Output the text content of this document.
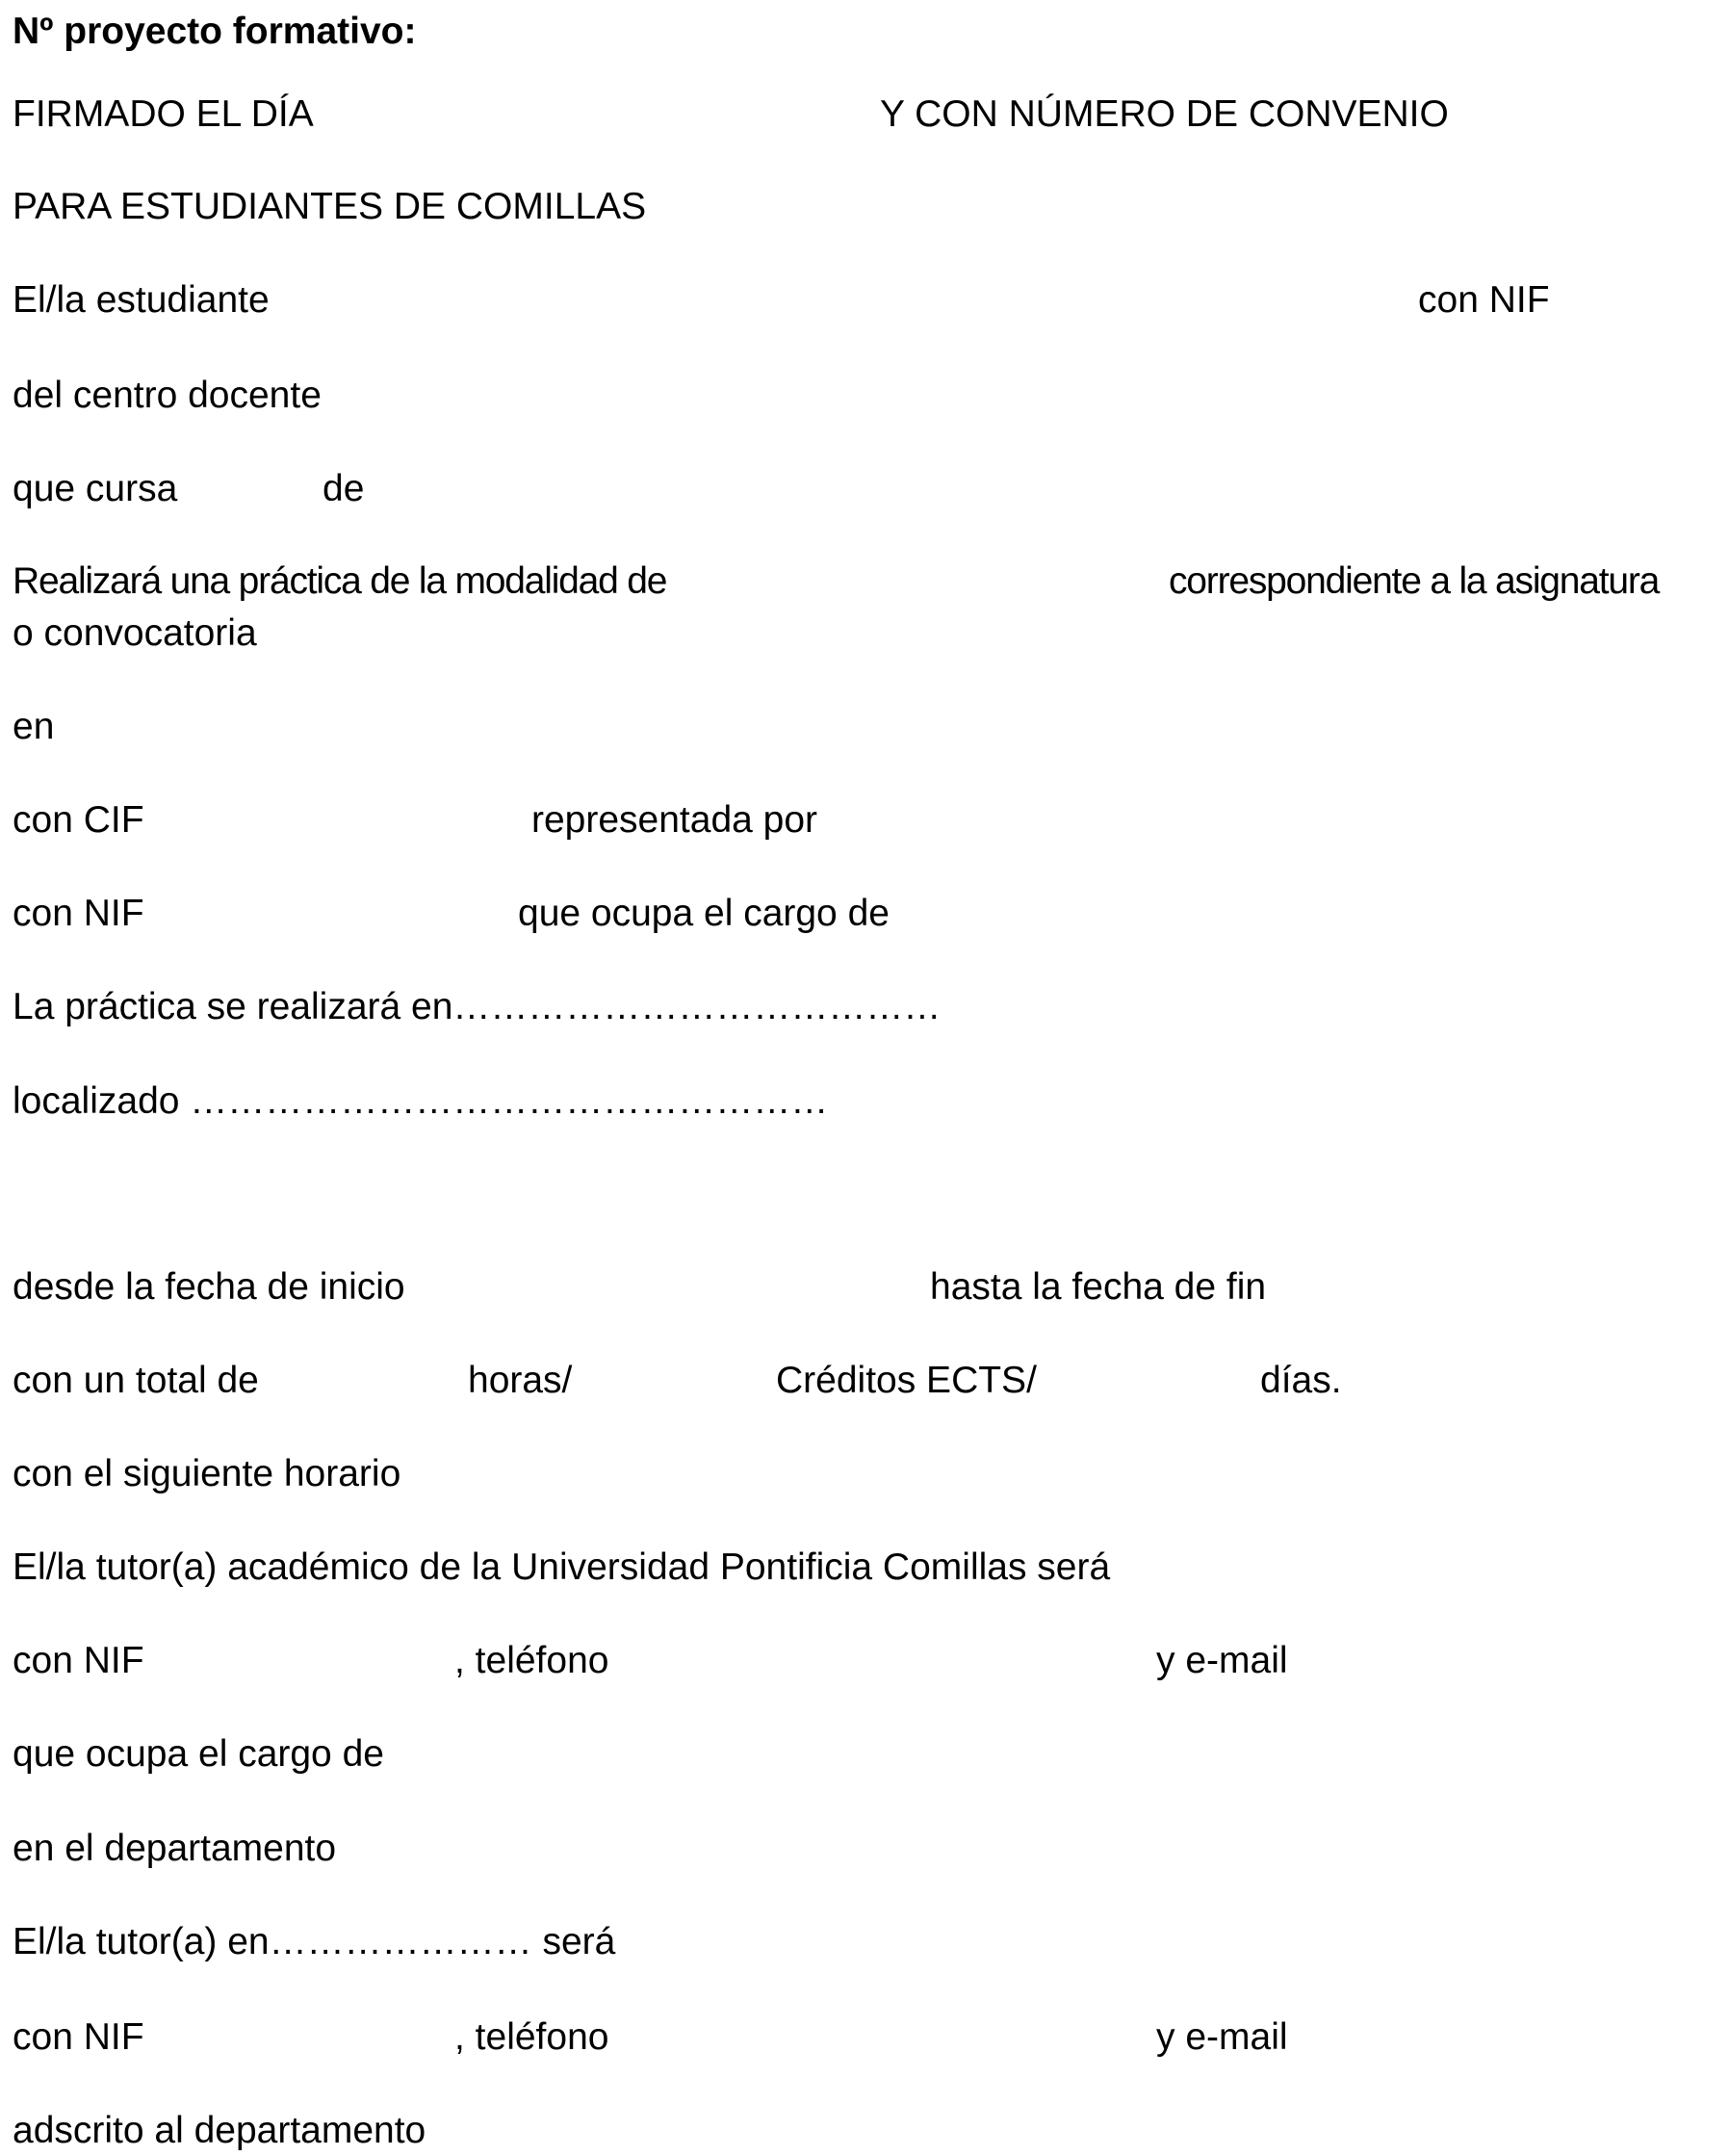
Nº proyecto formativo:
FIRMADO EL DÍA	Y CON NÚMERO DE CONVENIO
PARA ESTUDIANTES DE COMILLAS
El/la estudiante	con NIF
del centro docente
que cursa	de
Realizará una práctica de la modalidad de	correspondiente a la asignatura
o convocatoria
en
con CIF	representada por
con NIF	que ocupa el cargo de
La práctica se realizará en…………………………………
localizado ……………………………………………
desde la fecha de inicio	hasta la fecha de fin
con un total de	horas/	Créditos ECTS/	días.
con el siguiente horario
El/la tutor(a) académico de la Universidad Pontificia Comillas será
con NIF	, teléfono	y e-mail
que ocupa el cargo de
en el departamento
El/la tutor(a) en………………… será
con NIF	, teléfono	y e-mail
adscrito al departamento
